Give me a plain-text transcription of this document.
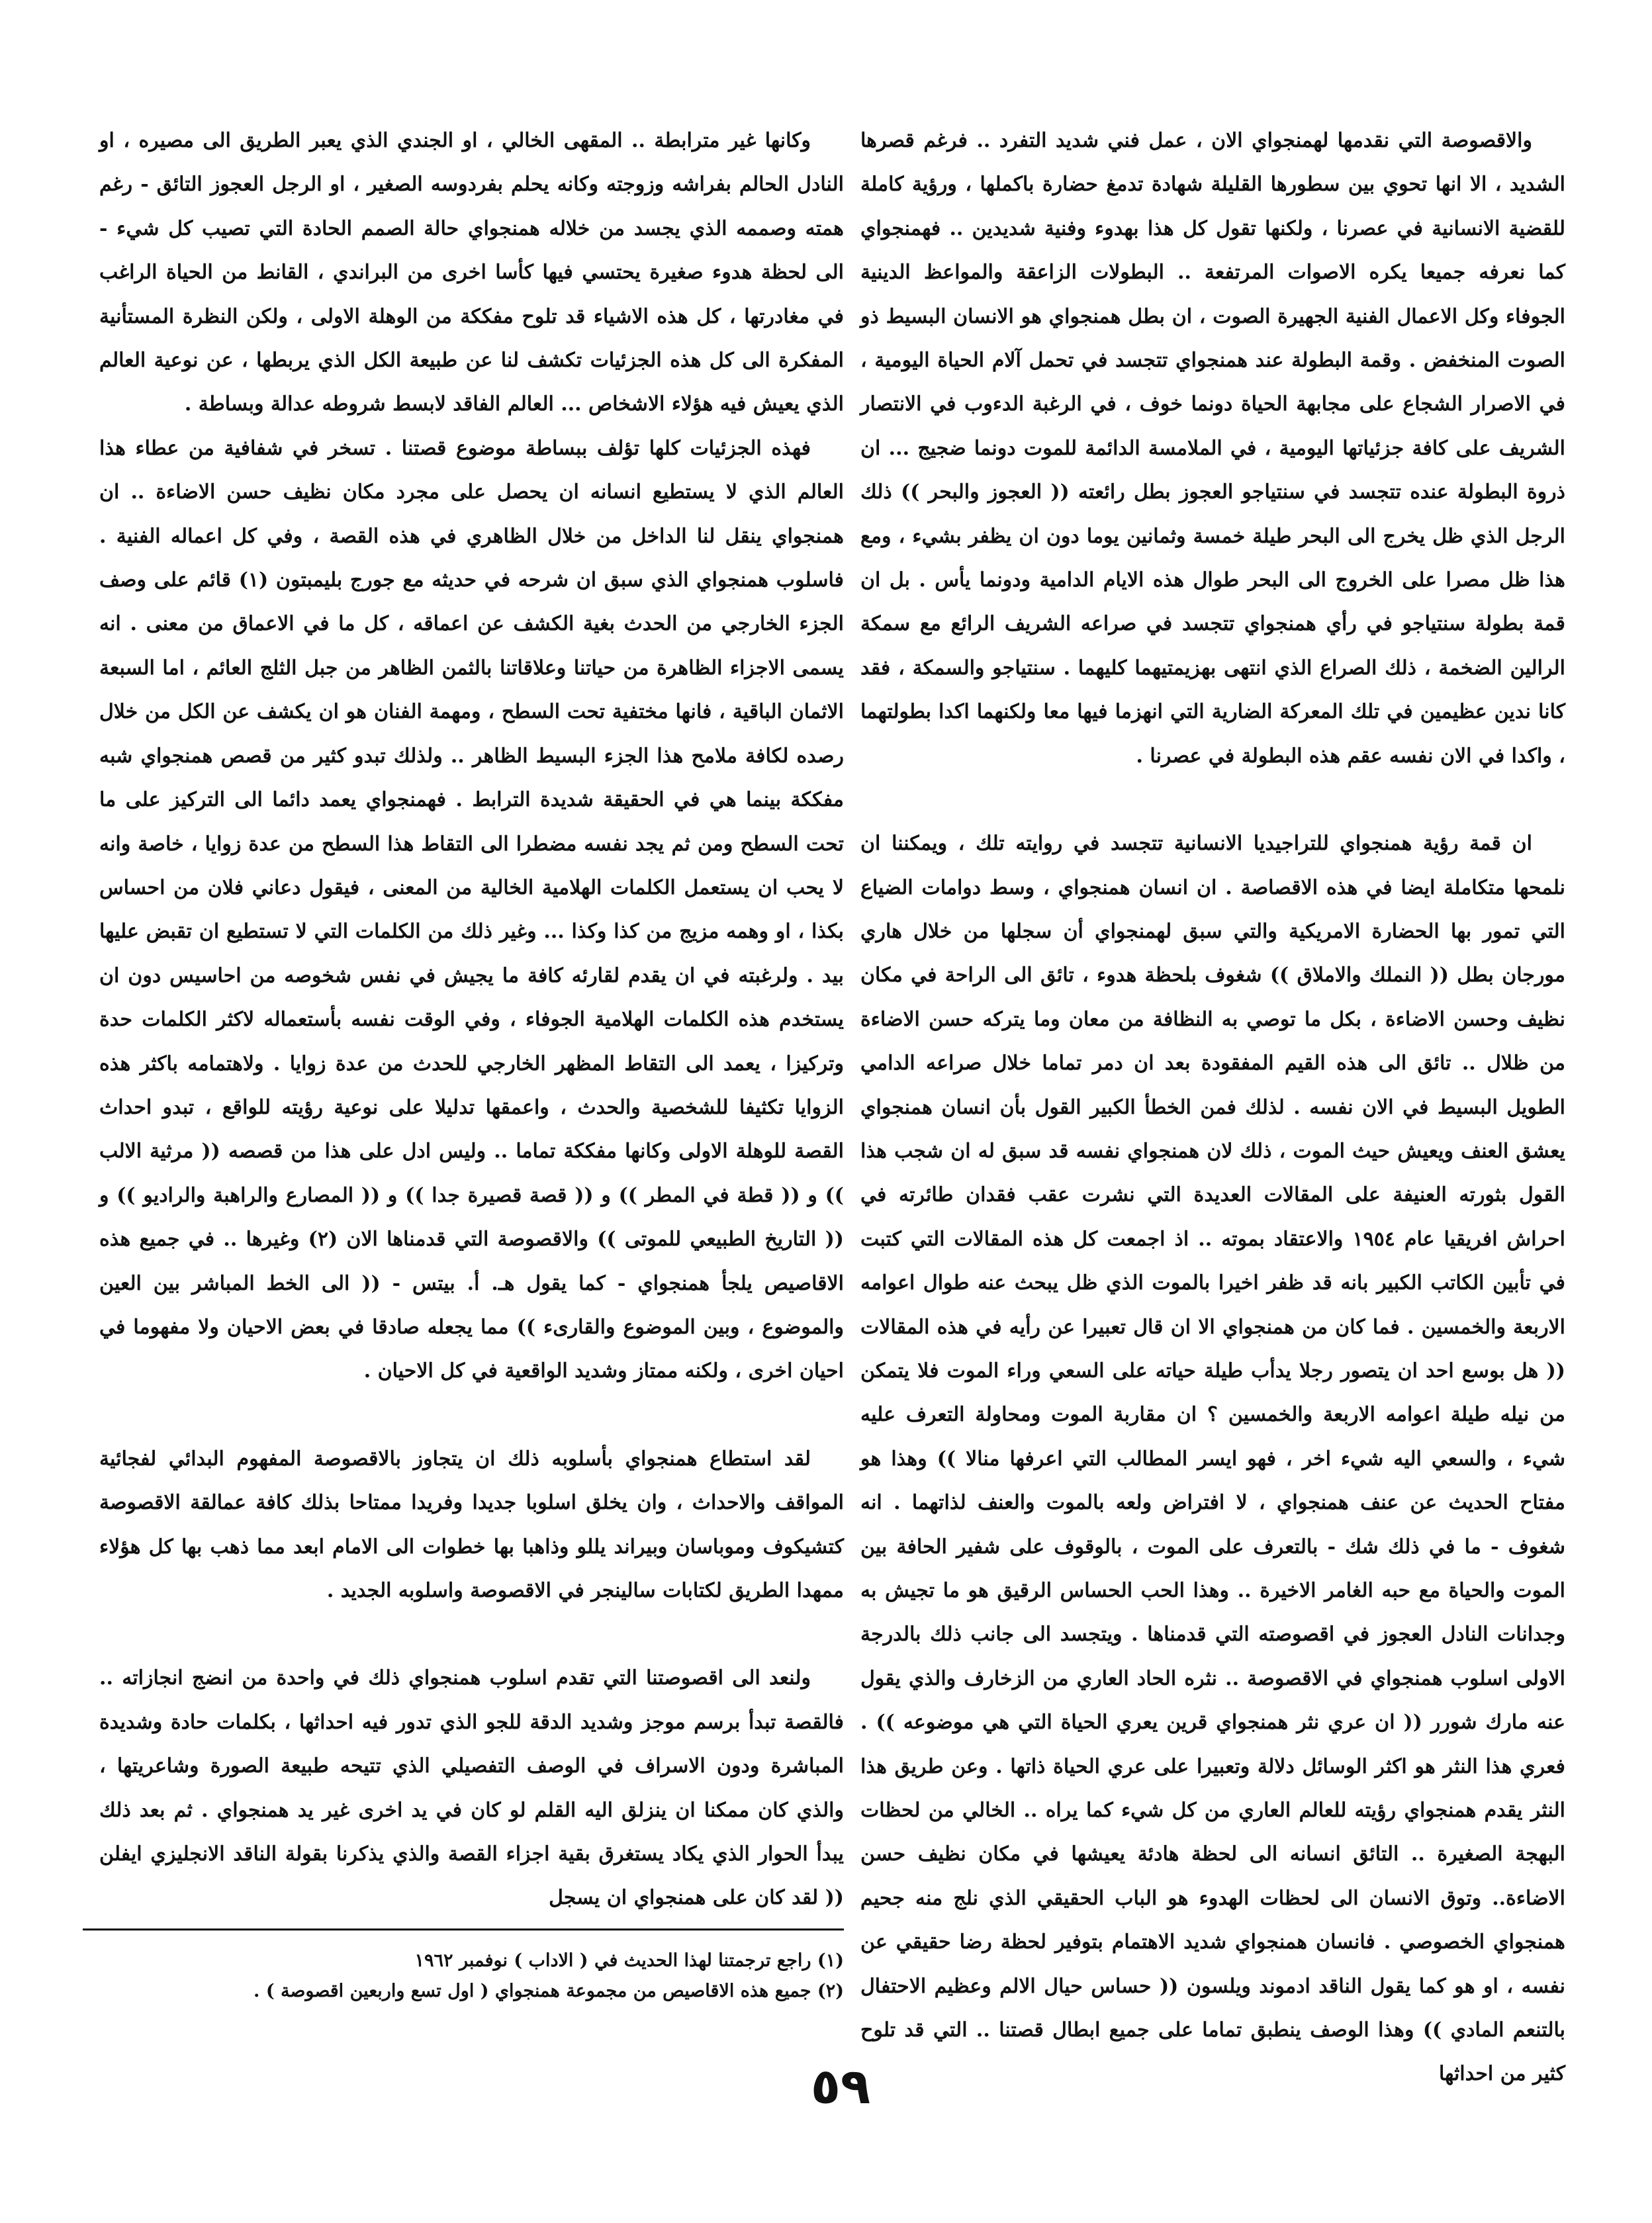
والاقصوصة التي نقدمها لهمنجواي الان ، عمل فني شديد التفرد .. فرغم قصرها الشديد ، الا انها تحوي بين سطورها القليلة شهادة تدمغ حضارة باكملها ، ورؤية كاملة للقضية الانسانية في عصرنا ، ولكنها تقول كل هذا بهدوء وفنية شديدين .. فهمنجواي كما نعرفه جميعا يكره الاصوات المرتفعة .. البطولات الزاعقة والمواعظ الدينية الجوفاء وكل الاعمال الفنية الجهيرة الصوت ، ان بطل همنجواي هو الانسان البسيط ذو الصوت المنخفض . وقمة البطولة عند همنجواي تتجسد في تحمل آلام الحياة اليومية ، في الاصرار الشجاع على مجابهة الحياة دونما خوف ، في الرغبة الدءوب في الانتصار الشريف على كافة جزئياتها اليومية ، في الملامسة الدائمة للموت دونما ضجيج ... ان ذروة البطولة عنده تتجسد في سنتياجو العجوز بطل رائعته (( العجوز والبحر )) ذلك الرجل الذي ظل يخرج الى البحر طيلة خمسة وثمانين يوما دون ان يظفر بشيء ، ومع هذا ظل مصرا على الخروج الى البحر طوال هذه الايام الدامية ودونما يأس . بل ان قمة بطولة سنتياجو في رأي همنجواي تتجسد في صراعه الشريف الرائع مع سمكة الرالين الضخمة ، ذلك الصراع الذي انتهى بهزيمتيهما كليهما . سنتياجو والسمكة ، فقد كانا ندين عظيمين في تلك المعركة الضارية التي انهزما فيها معا ولكنهما اكدا بطولتهما ، واكدا في الان نفسه عقم هذه البطولة في عصرنا .

ان قمة رؤية همنجواي للتراجيديا الانسانية تتجسد في روايته تلك ، ويمكننا ان نلمحها متكاملة ايضا في هذه الاقصاصة . ان انسان همنجواي ، وسط دوامات الضياع التي تمور بها الحضارة الامريكية والتي سبق لهمنجواي أن سجلها من خلال هاري مورجان بطل (( النملك والاملاق )) شغوف بلحظة هدوء ، تائق الى الراحة في مكان نظيف وحسن الاضاءة ، بكل ما توصي به النظافة من معان وما يتركه حسن الاضاءة من ظلال .. تائق الى هذه القيم المفقودة بعد ان دمر تماما خلال صراعه الدامي الطويل البسيط في الان نفسه . لذلك فمن الخطأ الكبير القول بأن انسان همنجواي يعشق العنف ويعيش حيث الموت ، ذلك لان همنجواي نفسه قد سبق له ان شجب هذا القول بثورته العنيفة على المقالات العديدة التي نشرت عقب فقدان طائرته في احراش افريقيا عام ١٩٥٤ والاعتقاد بموته .. اذ اجمعت كل هذه المقالات التي كتبت في تأبين الكاتب الكبير بانه قد ظفر اخيرا بالموت الذي ظل يبحث عنه طوال اعوامه الاربعة والخمسين . فما كان من همنجواي الا ان قال تعبيرا عن رأيه في هذه المقالات (( هل بوسع احد ان يتصور رجلا يدأب طيلة حياته على السعي وراء الموت فلا يتمكن من نيله طيلة اعوامه الاربعة والخمسين ؟ ان مقاربة الموت ومحاولة التعرف عليه شيء ، والسعي اليه شيء اخر ، فهو ايسر المطالب التي اعرفها منالا )) وهذا هو مفتاح الحديث عن عنف همنجواي ، لا افتراض ولعه بالموت والعنف لذاتهما . انه شغوف - ما في ذلك شك - بالتعرف على الموت ، بالوقوف على شفير الحافة بين الموت والحياة مع حبه الغامر الاخيرة .. وهذا الحب الحساس الرقيق هو ما تجيش به وجدانات النادل العجوز في اقصوصته التي قدمناها . ويتجسد الى جانب ذلك بالدرجة الاولى اسلوب همنجواي في الاقصوصة .. نثره الحاد العاري من الزخارف والذي يقول عنه مارك شورر (( ان عري نثر همنجواي قرين يعري الحياة التي هي موضوعه )) . فعري هذا النثر هو اكثر الوسائل دلالة وتعبيرا على عري الحياة ذاتها . وعن طريق هذا النثر يقدم همنجواي رؤيته للعالم العاري من كل شيء كما يراه .. الخالي من لحظات البهجة الصغيرة .. التائق انسانه الى لحظة هادئة يعيشها في مكان نظيف حسن الاضاءة.. وتوق الانسان الى لحظات الهدوء هو الباب الحقيقي الذي نلج منه جحيم همنجواي الخصوصي . فانسان همنجواي شديد الاهتمام بتوفير لحظة رضا حقيقي عن نفسه ، او هو كما يقول الناقد ادموند ويلسون (( حساس حيال الالم وعظيم الاحتفال بالتنعم المادي )) وهذا الوصف ينطبق تماما على جميع ابطال قصتنا .. التي قد تلوح كثير من احداثها

وكانها غير مترابطة .. المقهى الخالي ، او الجندي الذي يعبر الطريق الى مصيره ، او النادل الحالم بفراشه وزوجته وكانه يحلم بفردوسه الصغير ، او الرجل العجوز التائق - رغم همته وصممه الذي يجسد من خلاله همنجواي حالة الصمم الحادة التي تصيب كل شيء - الى لحظة هدوء صغيرة يحتسي فيها كأسا اخرى من البراندي ، القانط من الحياة الراغب في مغادرتها ، كل هذه الاشياء قد تلوح مفككة من الوهلة الاولى ، ولكن النظرة المستأنية المفكرة الى كل هذه الجزئيات تكشف لنا عن طبيعة الكل الذي يربطها ، عن نوعية العالم الذي يعيش فيه هؤلاء الاشخاص ... العالم الفاقد لابسط شروطه عدالة وبساطة .

فهذه الجزئيات كلها تؤلف ببساطة موضوع قصتنا . تسخر في شفافية من عطاء هذا العالم الذي لا يستطيع انسانه ان يحصل على مجرد مكان نظيف حسن الاضاءة .. ان همنجواي ينقل لنا الداخل من خلال الظاهري في هذه القصة ، وفي كل اعماله الفنية . فاسلوب همنجواي الذي سبق ان شرحه في حديثه مع جورج بليمبتون (١) قائم على وصف الجزء الخارجي من الحدث بغية الكشف عن اعماقه ، كل ما في الاعماق من معنى . انه يسمى الاجزاء الظاهرة من حياتنا وعلاقاتنا بالثمن الظاهر من جبل الثلج العائم ، اما السبعة الاثمان الباقية ، فانها مختفية تحت السطح ، ومهمة الفنان هو ان يكشف عن الكل من خلال رصده لكافة ملامح هذا الجزء البسيط الظاهر .. ولذلك تبدو كثير من قصص همنجواي شبه مفككة بينما هي في الحقيقة شديدة الترابط . فهمنجواي يعمد دائما الى التركيز على ما تحت السطح ومن ثم يجد نفسه مضطرا الى التقاط هذا السطح من عدة زوايا ، خاصة وانه لا يحب ان يستعمل الكلمات الهلامية الخالية من المعنى ، فيقول دعاني فلان من احساس بكذا ، او وهمه مزيج من كذا وكذا ... وغير ذلك من الكلمات التي لا تستطيع ان تقبض عليها بيد . ولرغبته في ان يقدم لقارئه كافة ما يجيش في نفس شخوصه من احاسيس دون ان يستخدم هذه الكلمات الهلامية الجوفاء ، وفي الوقت نفسه بأستعماله لاكثر الكلمات حدة وتركيزا ، يعمد الى التقاط المظهر الخارجي للحدث من عدة زوايا . ولاهتمامه باكثر هذه الزوايا تكثيفا للشخصية والحدث ، واعمقها تدليلا على نوعية رؤيته للواقع ، تبدو احداث القصة للوهلة الاولى وكانها مفككة تماما .. وليس ادل على هذا من قصصه (( مرثية الالب )) و (( قطة في المطر )) و (( قصة قصيرة جدا )) و (( المصارع والراهبة والراديو )) و (( التاريخ الطبيعي للموتى )) والاقصوصة التي قدمناها الان (٢) وغيرها .. في جميع هذه الاقاصيص يلجأ همنجواي - كما يقول هـ. أ. بيتس - (( الى الخط المباشر بين العين والموضوع ، وبين الموضوع والقارىء )) مما يجعله صادقا في بعض الاحيان ولا مفهوما في احيان اخرى ، ولكنه ممتاز وشديد الواقعية في كل الاحيان .

لقد استطاع همنجواي بأسلوبه ذلك ان يتجاوز بالاقصوصة المفهوم البدائي لفجائية المواقف والاحداث ، وان يخلق اسلوبا جديدا وفريدا ممتاحا بذلك كافة عمالقة الاقصوصة كتشيكوف وموباسان وبيراند يللو وذاهبا بها خطوات الى الامام ابعد مما ذهب بها كل هؤلاء ممهدا الطريق لكتابات سالينجر في الاقصوصة واسلوبه الجديد .

ولنعد الى اقصوصتنا التي تقدم اسلوب همنجواي ذلك في واحدة من انضج انجازاته .. فالقصة تبدأ برسم موجز وشديد الدقة للجو الذي تدور فيه احداثها ، بكلمات حادة وشديدة المباشرة ودون الاسراف في الوصف التفصيلي الذي تتيحه طبيعة الصورة وشاعريتها ، والذي كان ممكنا ان ينزلق اليه القلم لو كان في يد اخرى غير يد همنجواي . ثم بعد ذلك يبدأ الحوار الذي يكاد يستغرق بقية اجزاء القصة والذي يذكرنا بقولة الناقد الانجليزي ايفلن (( لقد كان على همنجواي ان يسجل

(١) راجع ترجمتنا لهذا الحديث في ( الاداب ) نوفمبر ١٩٦٢

(٢) جميع هذه الاقاصيص من مجموعة همنجواي ( اول تسع واربعين اقصوصة ) .

٥٩
